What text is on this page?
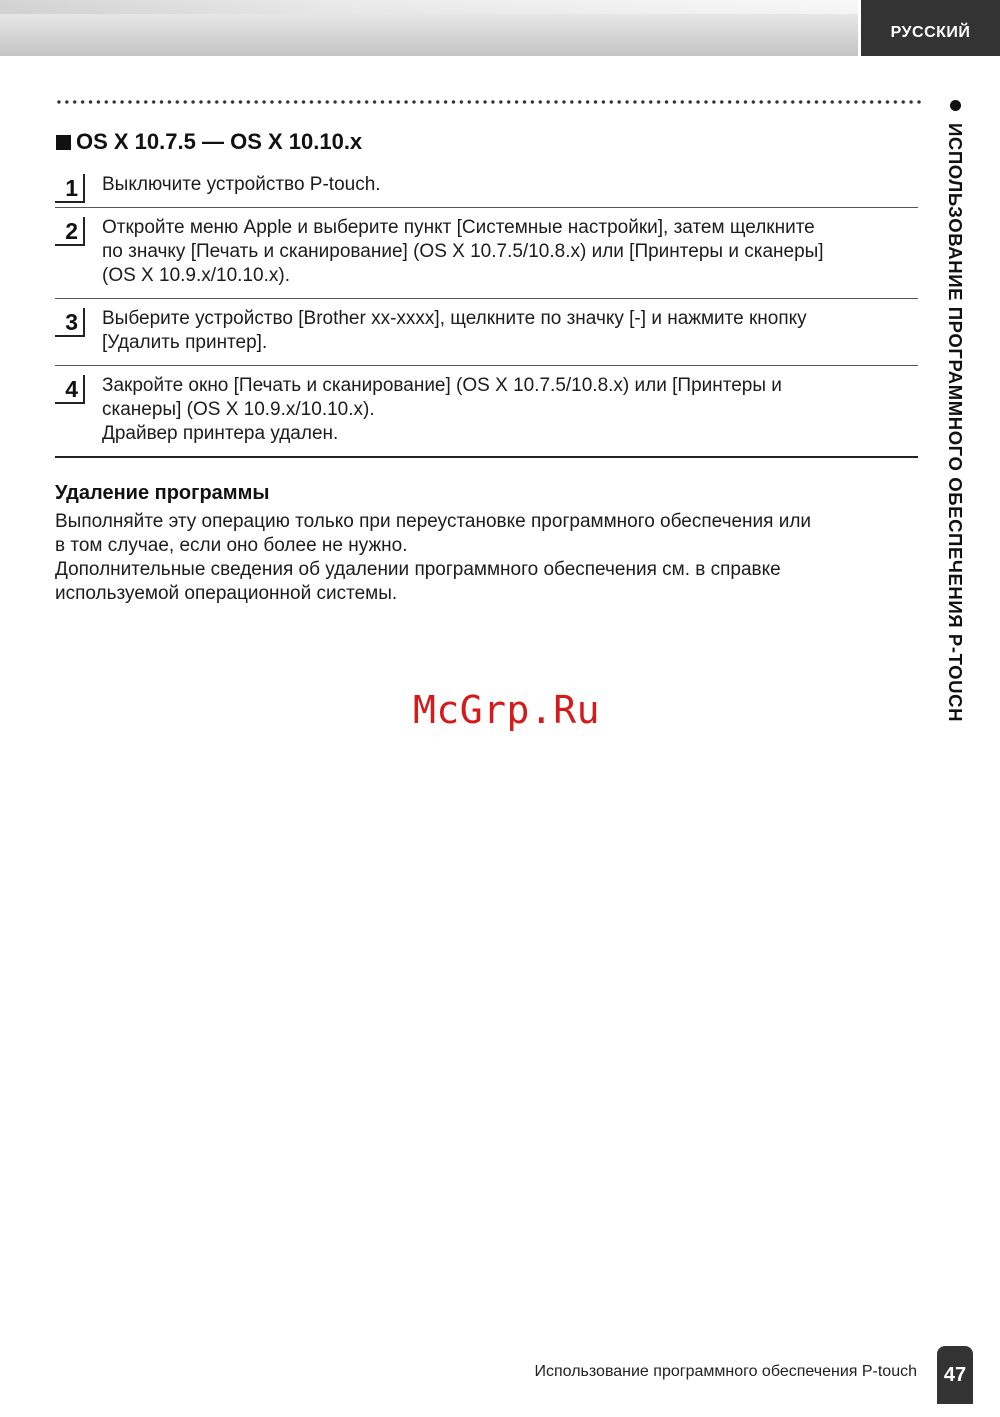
РУССКИЙ
ИСПОЛЬЗОВАНИЕ ПРОГРАММНОГО ОБЕСПЕЧЕНИЯ P-TOUCH
OS X 10.7.5 — OS X 10.10.x
1	Выключите устройство P-touch.
2	Откройте меню Apple и выберите пункт [Системные настройки], затем щелкните
по значку [Печать и сканирование] (OS X 10.7.5/10.8.x) или [Принтеры и сканеры]
(OS X 10.9.x/10.10.x).
3	Выберите устройство [Brother xx-xxxx], щелкните по значку [-] и нажмите кнопку
[Удалить принтер].
4	Закройте окно [Печать и сканирование] (OS X 10.7.5/10.8.x) или [Принтеры и
сканеры] (OS X 10.9.x/10.10.x).
Драйвер принтера удален.
Удаление программы
Выполняйте эту операцию только при переустановке программного обеспечения или
в том случае, если оно более не нужно.
Дополнительные сведения об удалении программного обеспечения см. в справке
используемой операционной системы.
McGrp.Ru
Использование программного обеспечения P-touch	47
